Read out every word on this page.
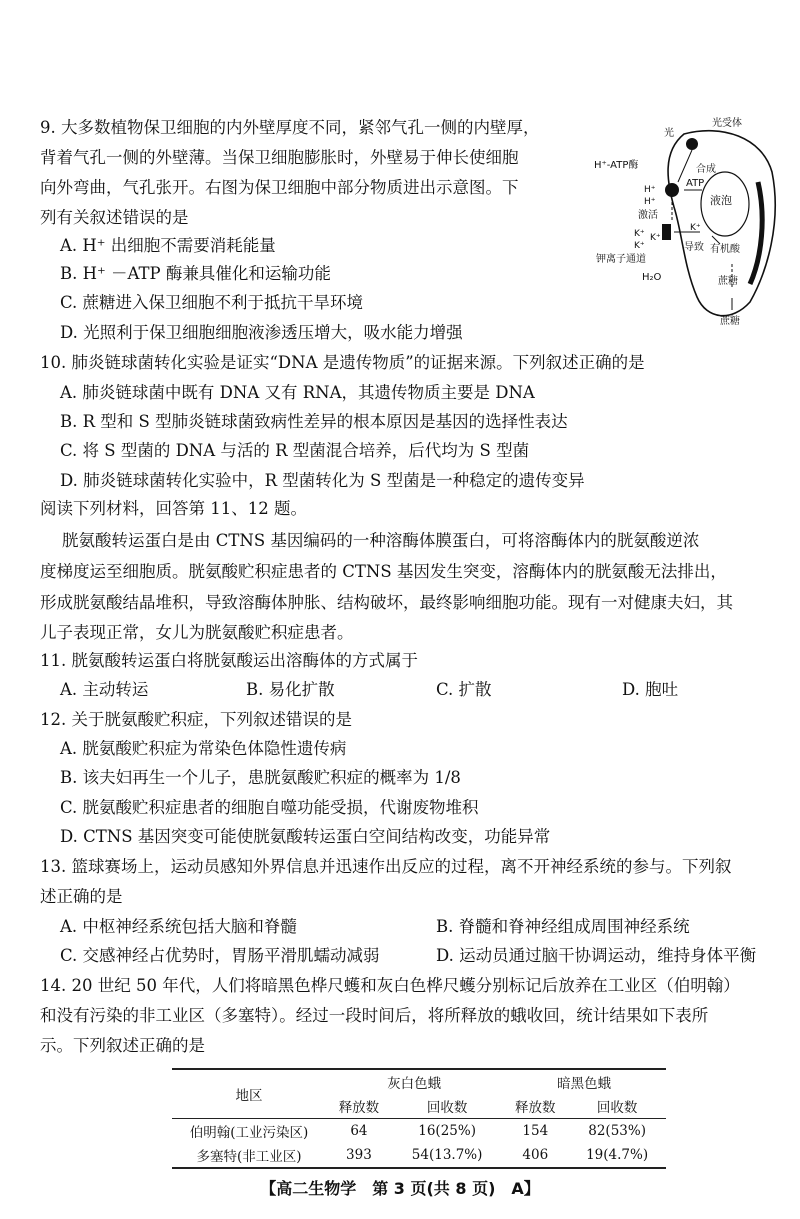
9. 大多数植物保卫细胞的内外壁厚度不同，紧邻气孔一侧的内壁厚，
背着气孔一侧的外壁薄。当保卫细胞膨胀时，外壁易于伸长使细胞
向外弯曲，气孔张开。右图为保卫细胞中部分物质进出示意图。下
列有关叙述错误的是
A. H⁺ 出细胞不需要消耗能量
B. H⁺ －ATP 酶兼具催化和运输功能
C. 蔗糖进入保卫细胞不利于抵抗干旱环境
D. 光照利于保卫细胞细胞液渗透压增大，吸水能力增强
光受体
光
H⁺-ATP酶	合成
ATP
H⁺
H⁺
激活
K⁺
K⁺
K⁺
K⁺
液泡
导致 有机酸
钾离子通道
H₂O	蔗糖
蔗糖
10. 肺炎链球菌转化实验是证实“DNA 是遗传物质”的证据来源。下列叙述正确的是
A. 肺炎链球菌中既有 DNA 又有 RNA，其遗传物质主要是 DNA
B. R 型和 S 型肺炎链球菌致病性差异的根本原因是基因的选择性表达
C. 将 S 型菌的 DNA 与活的 R 型菌混合培养，后代均为 S 型菌
D. 肺炎链球菌转化实验中，R 型菌转化为 S 型菌是一种稳定的遗传变异
阅读下列材料，回答第 11、12 题。
胱氨酸转运蛋白是由 CTNS 基因编码的一种溶酶体膜蛋白，可将溶酶体内的胱氨酸逆浓
度梯度运至细胞质。胱氨酸贮积症患者的 CTNS 基因发生突变，溶酶体内的胱氨酸无法排出，
形成胱氨酸结晶堆积，导致溶酶体肿胀、结构破坏，最终影响细胞功能。现有一对健康夫妇，其
儿子表现正常，女儿为胱氨酸贮积症患者。
11. 胱氨酸转运蛋白将胱氨酸运出溶酶体的方式属于
A. 主动转运	B. 易化扩散	C. 扩散	D. 胞吐
12. 关于胱氨酸贮积症，下列叙述错误的是
A. 胱氨酸贮积症为常染色体隐性遗传病
B. 该夫妇再生一个儿子，患胱氨酸贮积症的概率为 1/8
C. 胱氨酸贮积症患者的细胞自噬功能受损，代谢废物堆积
D. CTNS 基因突变可能使胱氨酸转运蛋白空间结构改变，功能异常
13. 篮球赛场上，运动员感知外界信息并迅速作出反应的过程，离不开神经系统的参与。下列叙
述正确的是
A. 中枢神经系统包括大脑和脊髓	B. 脊髓和脊神经组成周围神经系统
C. 交感神经占优势时，胃肠平滑肌蠕动减弱	D. 运动员通过脑干协调运动，维持身体平衡
14. 20 世纪 50 年代，人们将暗黑色桦尺蠖和灰白色桦尺蠖分别标记后放养在工业区（伯明翰）
和没有污染的非工业区（多塞特）。经过一段时间后，将所释放的蛾收回，统计结果如下表所
示。下列叙述正确的是
地区	灰白色蛾		暗黑色蛾	
	释放数	回收数	释放数	回收数
伯明翰(工业污染区)	64	16(25%)	154	82(53%)
多塞特(非工业区)	393	54(13.7%)	406	19(4.7%)
【高二生物学　第 3 页(共 8 页)　A】
